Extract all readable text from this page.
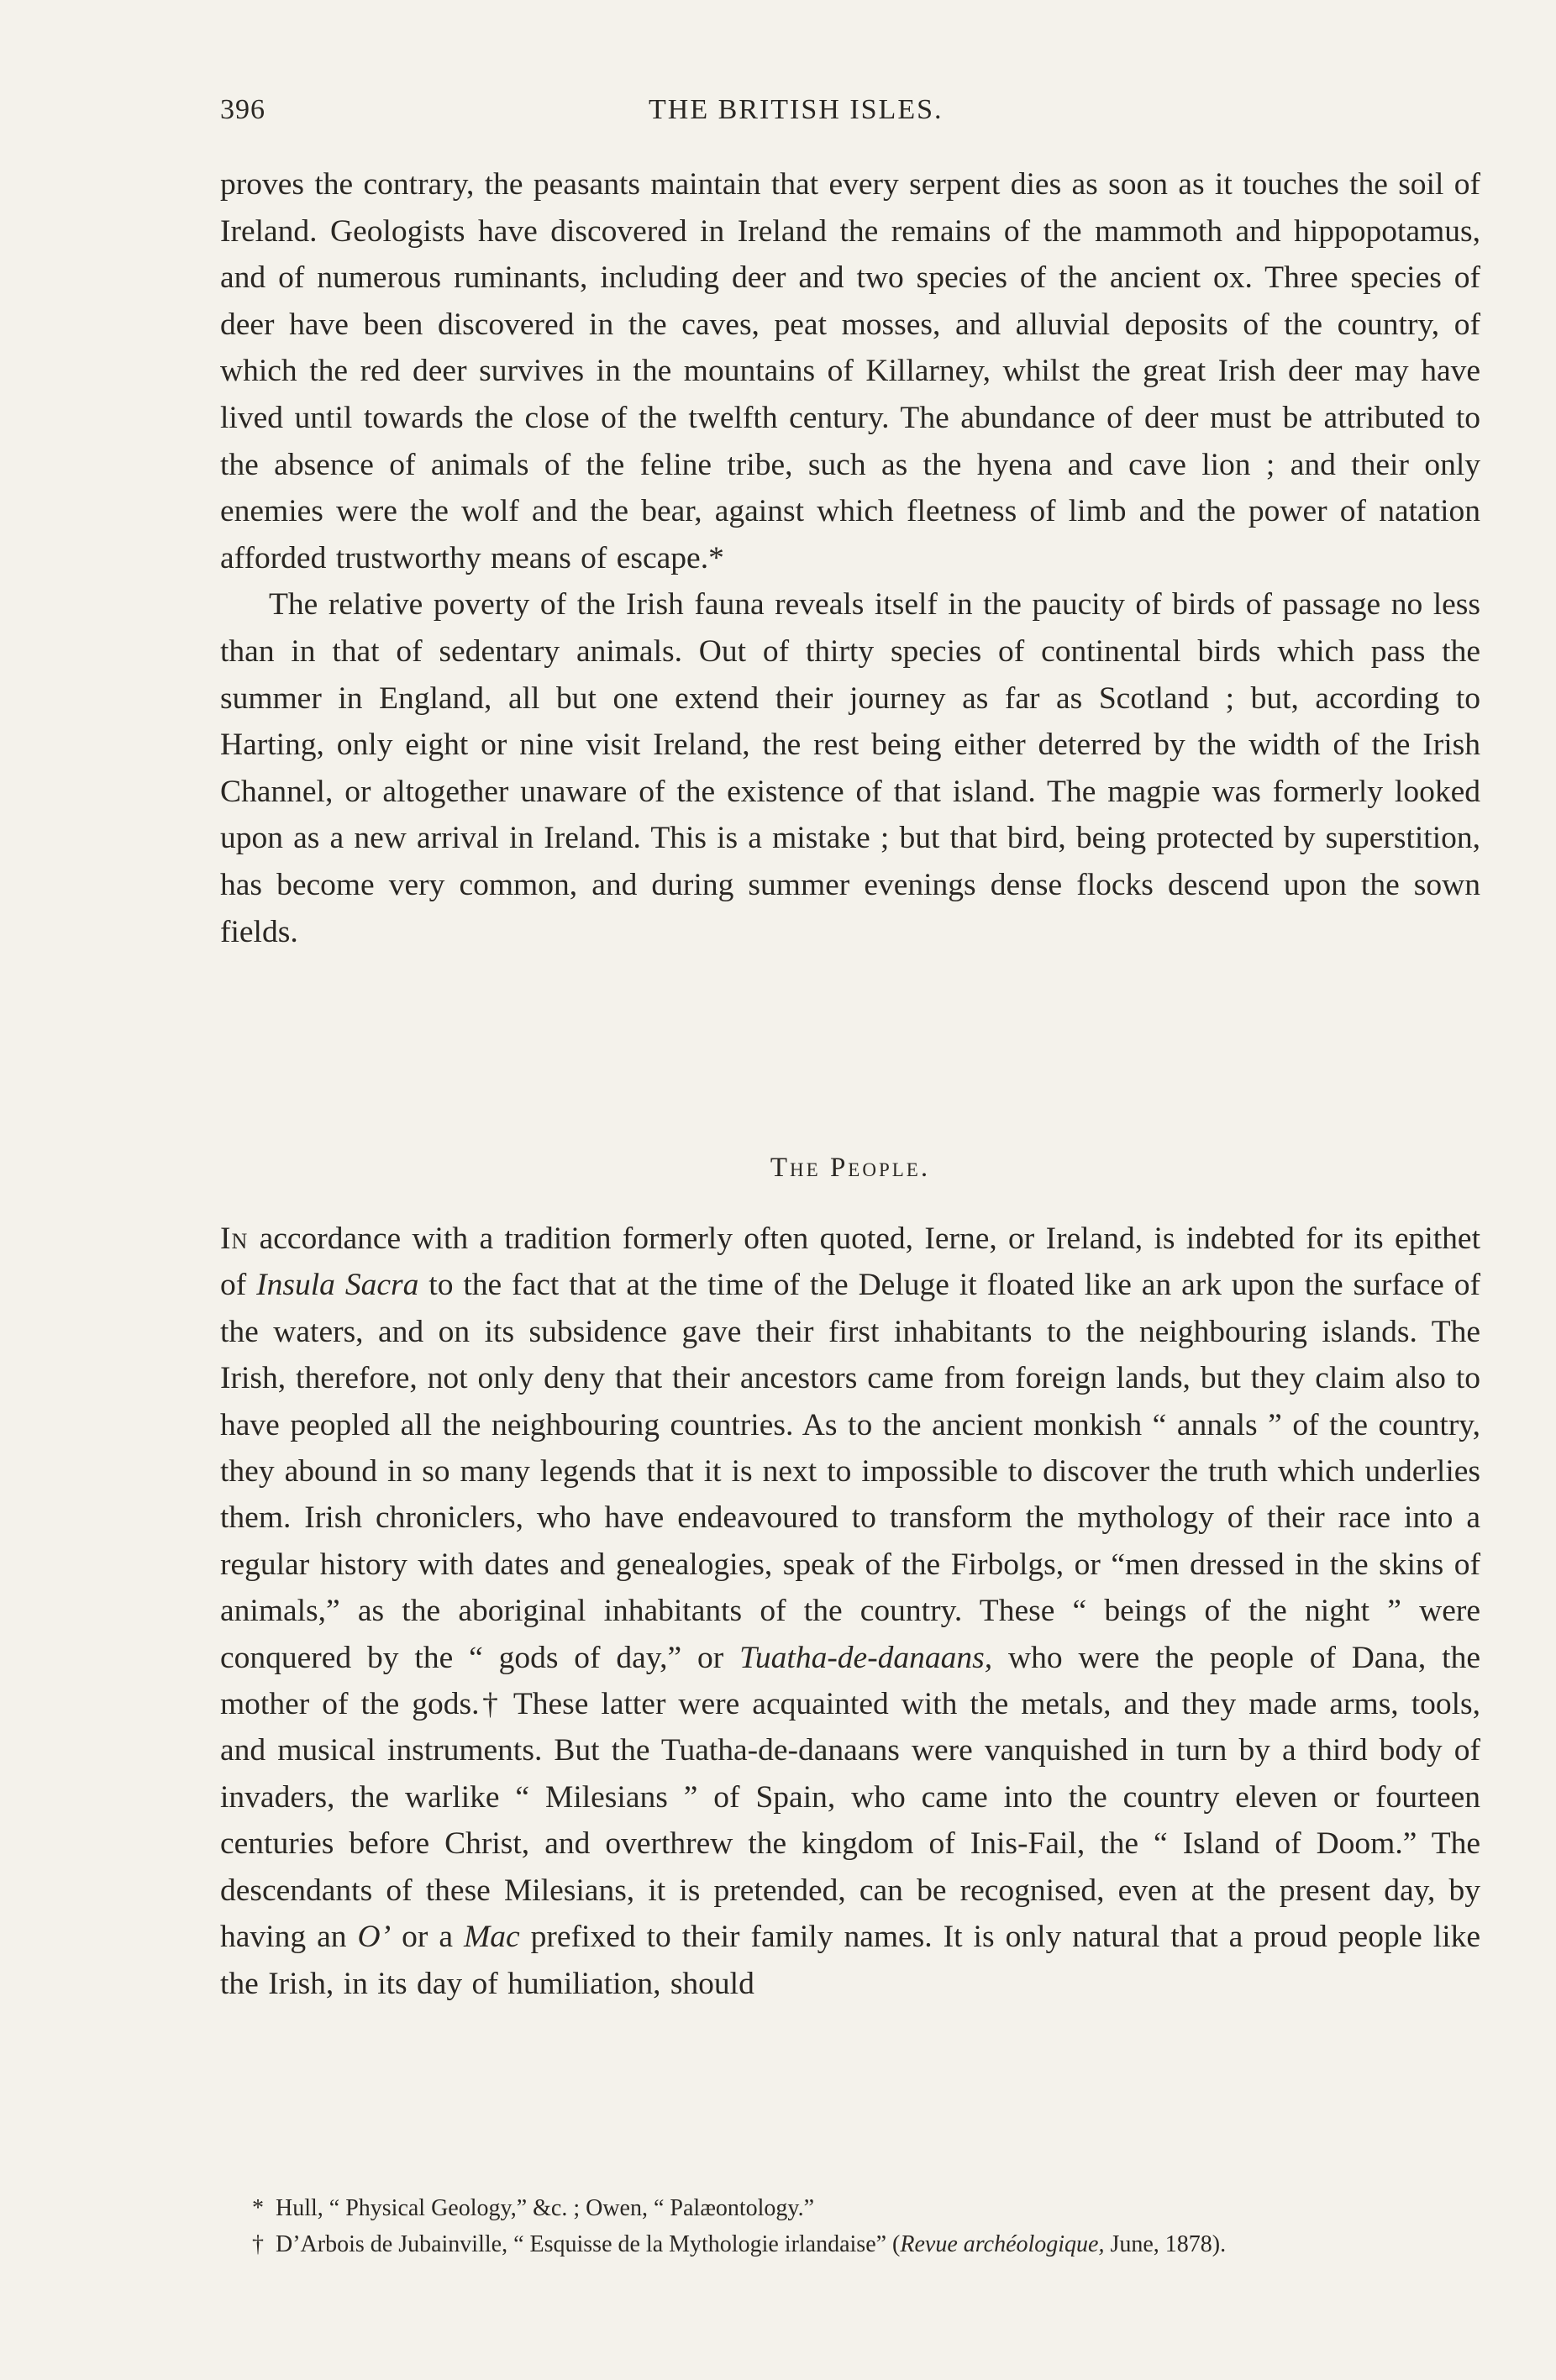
396	THE BRITISH ISLES.

proves the contrary, the peasants maintain that every serpent dies as soon as it touches the soil of Ireland. Geologists have discovered in Ireland the remains of the mammoth and hippopotamus, and of numerous ruminants, including deer and two species of the ancient ox. Three species of deer have been discovered in the caves, peat mosses, and alluvial deposits of the country, of which the red deer survives in the mountains of Killarney, whilst the great Irish deer may have lived until towards the close of the twelfth century. The abundance of deer must be attributed to the absence of animals of the feline tribe, such as the hyena and cave lion ; and their only enemies were the wolf and the bear, against which fleetness of limb and the power of natation afforded trustworthy means of escape.*

The relative poverty of the Irish fauna reveals itself in the paucity of birds of passage no less than in that of sedentary animals. Out of thirty species of continental birds which pass the summer in England, all but one extend their journey as far as Scotland ; but, according to Harting, only eight or nine visit Ireland, the rest being either deterred by the width of the Irish Channel, or altogether unaware of the existence of that island. The magpie was formerly looked upon as a new arrival in Ireland. This is a mistake ; but that bird, being protected by superstition, has become very common, and during summer evenings dense flocks descend upon the sown fields.

The People.

In accordance with a tradition formerly often quoted, Ierne, or Ireland, is indebted for its epithet of Insula Sacra to the fact that at the time of the Deluge it floated like an ark upon the surface of the waters, and on its subsidence gave their first inhabitants to the neighbouring islands. The Irish, therefore, not only deny that their ancestors came from foreign lands, but they claim also to have peopled all the neighbouring countries. As to the ancient monkish “ annals ” of the country, they abound in so many legends that it is next to impossible to discover the truth which underlies them. Irish chroniclers, who have endeavoured to transform the mythology of their race into a regular history with dates and genealogies, speak of the Firbolgs, or “men dressed in the skins of animals,” as the aboriginal inhabitants of the country. These “ beings of the night ” were conquered by the “ gods of day,” or Tuatha-de-danaans, who were the people of Dana, the mother of the gods.† These latter were acquainted with the metals, and they made arms, tools, and musical instruments. But the Tuatha-de-danaans were vanquished in turn by a third body of invaders, the warlike “ Milesians ” of Spain, who came into the country eleven or fourteen centuries before Christ, and overthrew the kingdom of Inis-Fail, the “ Island of Doom.” The descendants of these Milesians, it is pretended, can be recognised, even at the present day, by having an O’ or a Mac prefixed to their family names. It is only natural that a proud people like the Irish, in its day of humiliation, should

* Hull, “ Physical Geology,” &c. ; Owen, “ Palæontology.”

† D’Arbois de Jubainville, “ Esquisse de la Mythologie irlandaise” (Revue archéologique, June, 1878).
